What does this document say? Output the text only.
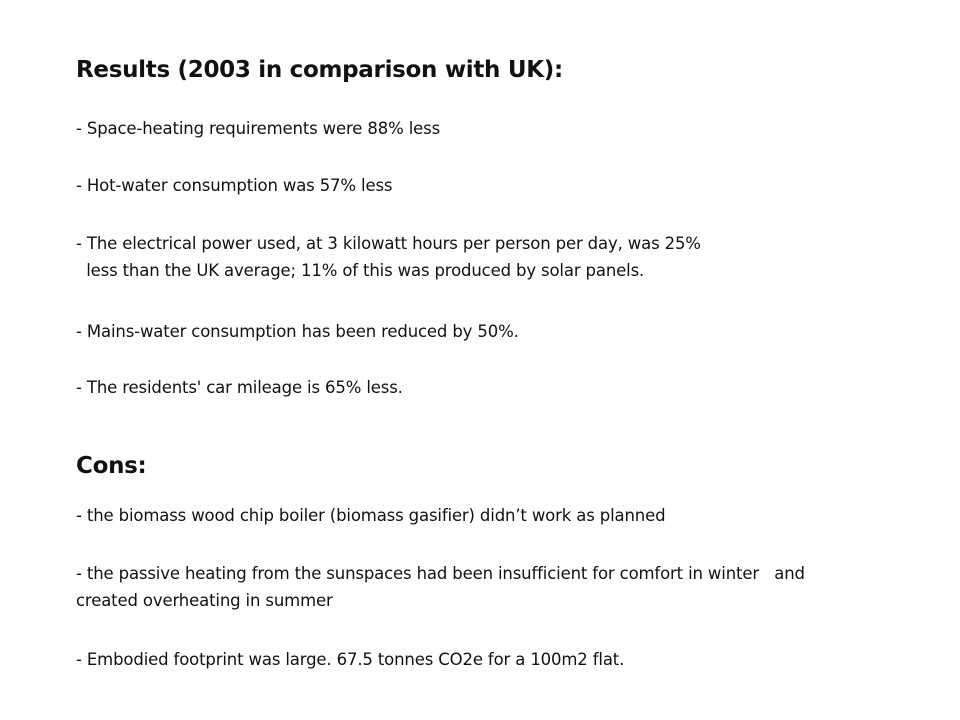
Results (2003 in comparison with UK):
- Space-heating requirements were 88% less
- Hot-water consumption was 57% less
- The electrical power used, at 3 kilowatt hours per person per day, was 25%
less than the UK average; 11% of this was produced by solar panels.
- Mains-water consumption has been reduced by 50%.
- The residents' car mileage is 65% less.
Cons:
- the biomass wood chip boiler (biomass gasifier) didn’t work as planned
- the passive heating from the sunspaces had been insufficient for comfort in winter   and
created overheating in summer
- Embodied footprint was large. 67.5 tonnes CO2e for a 100m2 flat.
